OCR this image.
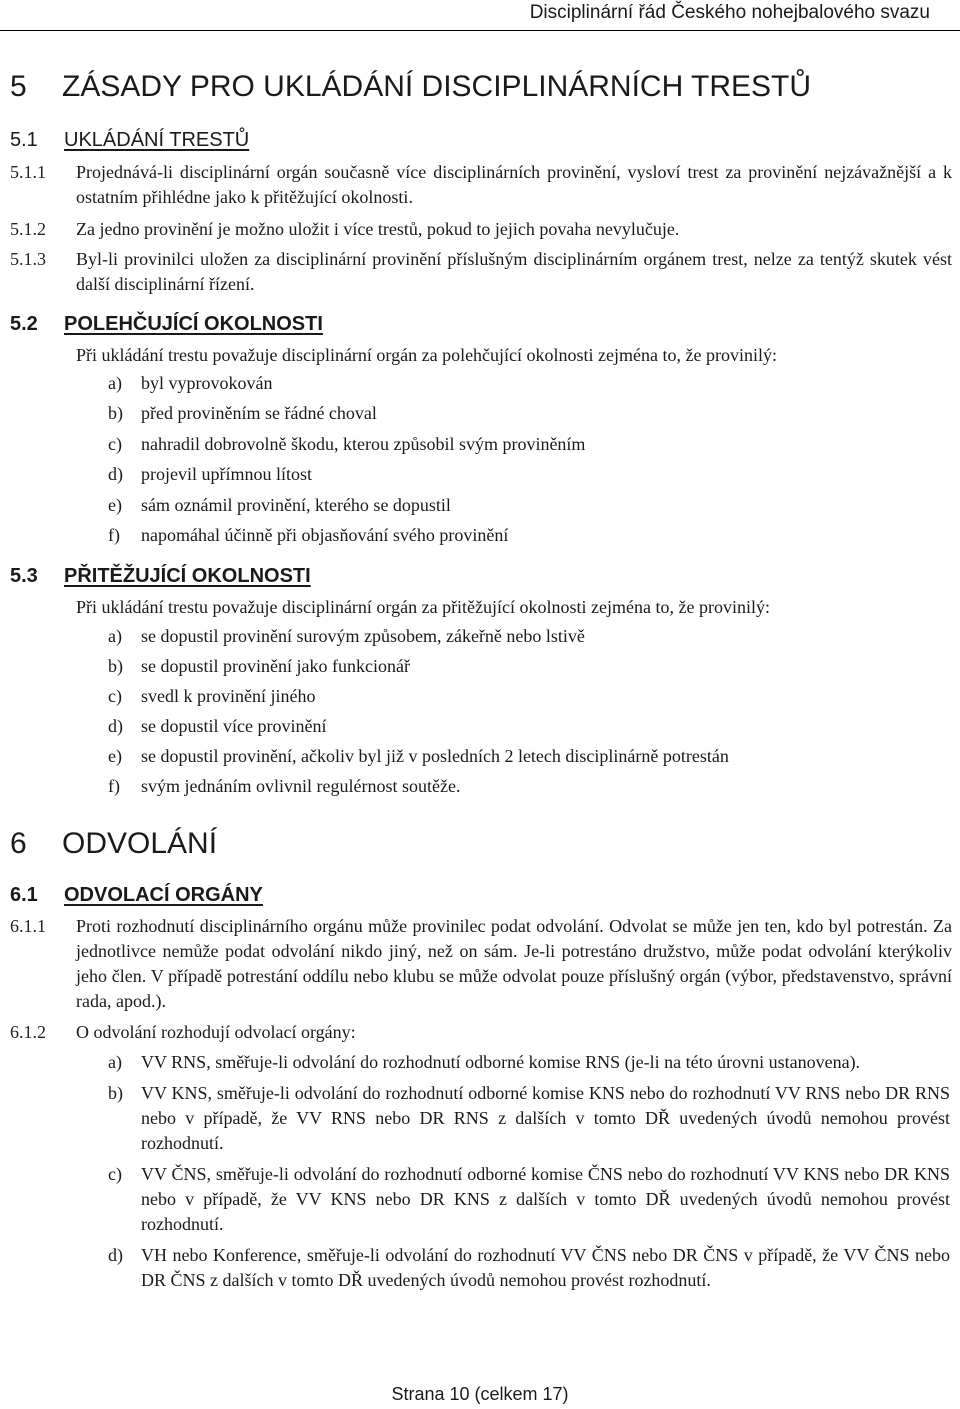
Disciplinární řád Českého nohejbalového svazu
5 ZÁSADY PRO UKLÁDÁNÍ DISCIPLINÁRNÍCH TRESTŮ
5.1 UKLÁDÁNÍ TRESTŮ
5.1.1 Projednává-li disciplinární orgán současně více disciplinárních provinění, vysloví trest za provinění nejzávažnější a k ostatním přihlédne jako k přitěžující okolnosti.
5.1.2 Za jedno provinění je možno uložit i více trestů, pokud to jejich povaha nevylučuje.
5.1.3 Byl-li provinilci uložen za disciplinární provinění příslušným disciplinárním orgánem trest, nelze za tentýž skutek vést další disciplinární řízení.
5.2 POLEHČUJÍCÍ OKOLNOSTI
Při ukládání trestu považuje disciplinární orgán za polehčující okolnosti zejména to, že provinilý:
a) byl vyprovokován
b) před proviněním se řádné choval
c) nahradil dobrovolně škodu, kterou způsobil svým proviněním
d) projevil upřímnou lítost
e) sám oznámil provinění, kterého se dopustil
f) napomáhal účinně při objasňování svého provinění
5.3 PŘITĚŽUJÍCÍ OKOLNOSTI
Při ukládání trestu považuje disciplinární orgán za přitěžující okolnosti zejména to, že provinilý:
a) se dopustil provinění surovým způsobem, zákeřně nebo lstivě
b) se dopustil provinění jako funkcionář
c) svedl k provinění jiného
d) se dopustil více provinění
e) se dopustil provinění, ačkoliv byl již v posledních 2 letech disciplinárně potrestán
f) svým jednáním ovlivnil regulérnost soutěže.
6 ODVOLÁNÍ
6.1 ODVOLACÍ ORGÁNY
6.1.1 Proti rozhodnutí disciplinárního orgánu může provinilec podat odvolání. Odvolat se může jen ten, kdo byl potrestán. Za jednotlivce nemůže podat odvolání nikdo jiný, než on sám. Je-li potrestáno družstvo, může podat odvolání kterýkoliv jeho člen. V případě potrestání oddílu nebo klubu se může odvolat pouze příslušný orgán (výbor, představenstvo, správní rada, apod.).
6.1.2 O odvolání rozhodují odvolací orgány:
a) VV RNS, směřuje-li odvolání do rozhodnutí odborné komise RNS (je-li na této úrovni ustanovena).
b) VV KNS, směřuje-li odvolání do rozhodnutí odborné komise KNS nebo do rozhodnutí VV RNS nebo DR RNS nebo v případě, že VV RNS nebo DR RNS z dalších v tomto DŘ uvedených úvodů nemohou provést rozhodnutí.
c) VV ČNS, směřuje-li odvolání do rozhodnutí odborné komise ČNS nebo do rozhodnutí VV KNS nebo DR KNS nebo v případě, že VV KNS nebo DR KNS z dalších v tomto DŘ uvedených úvodů nemohou provést rozhodnutí.
d) VH nebo Konference, směřuje-li odvolání do rozhodnutí VV ČNS nebo DR ČNS v případě, že VV ČNS nebo DR ČNS z dalších v tomto DŘ uvedených úvodů nemohou provést rozhodnutí.
Strana 10 (celkem 17)
